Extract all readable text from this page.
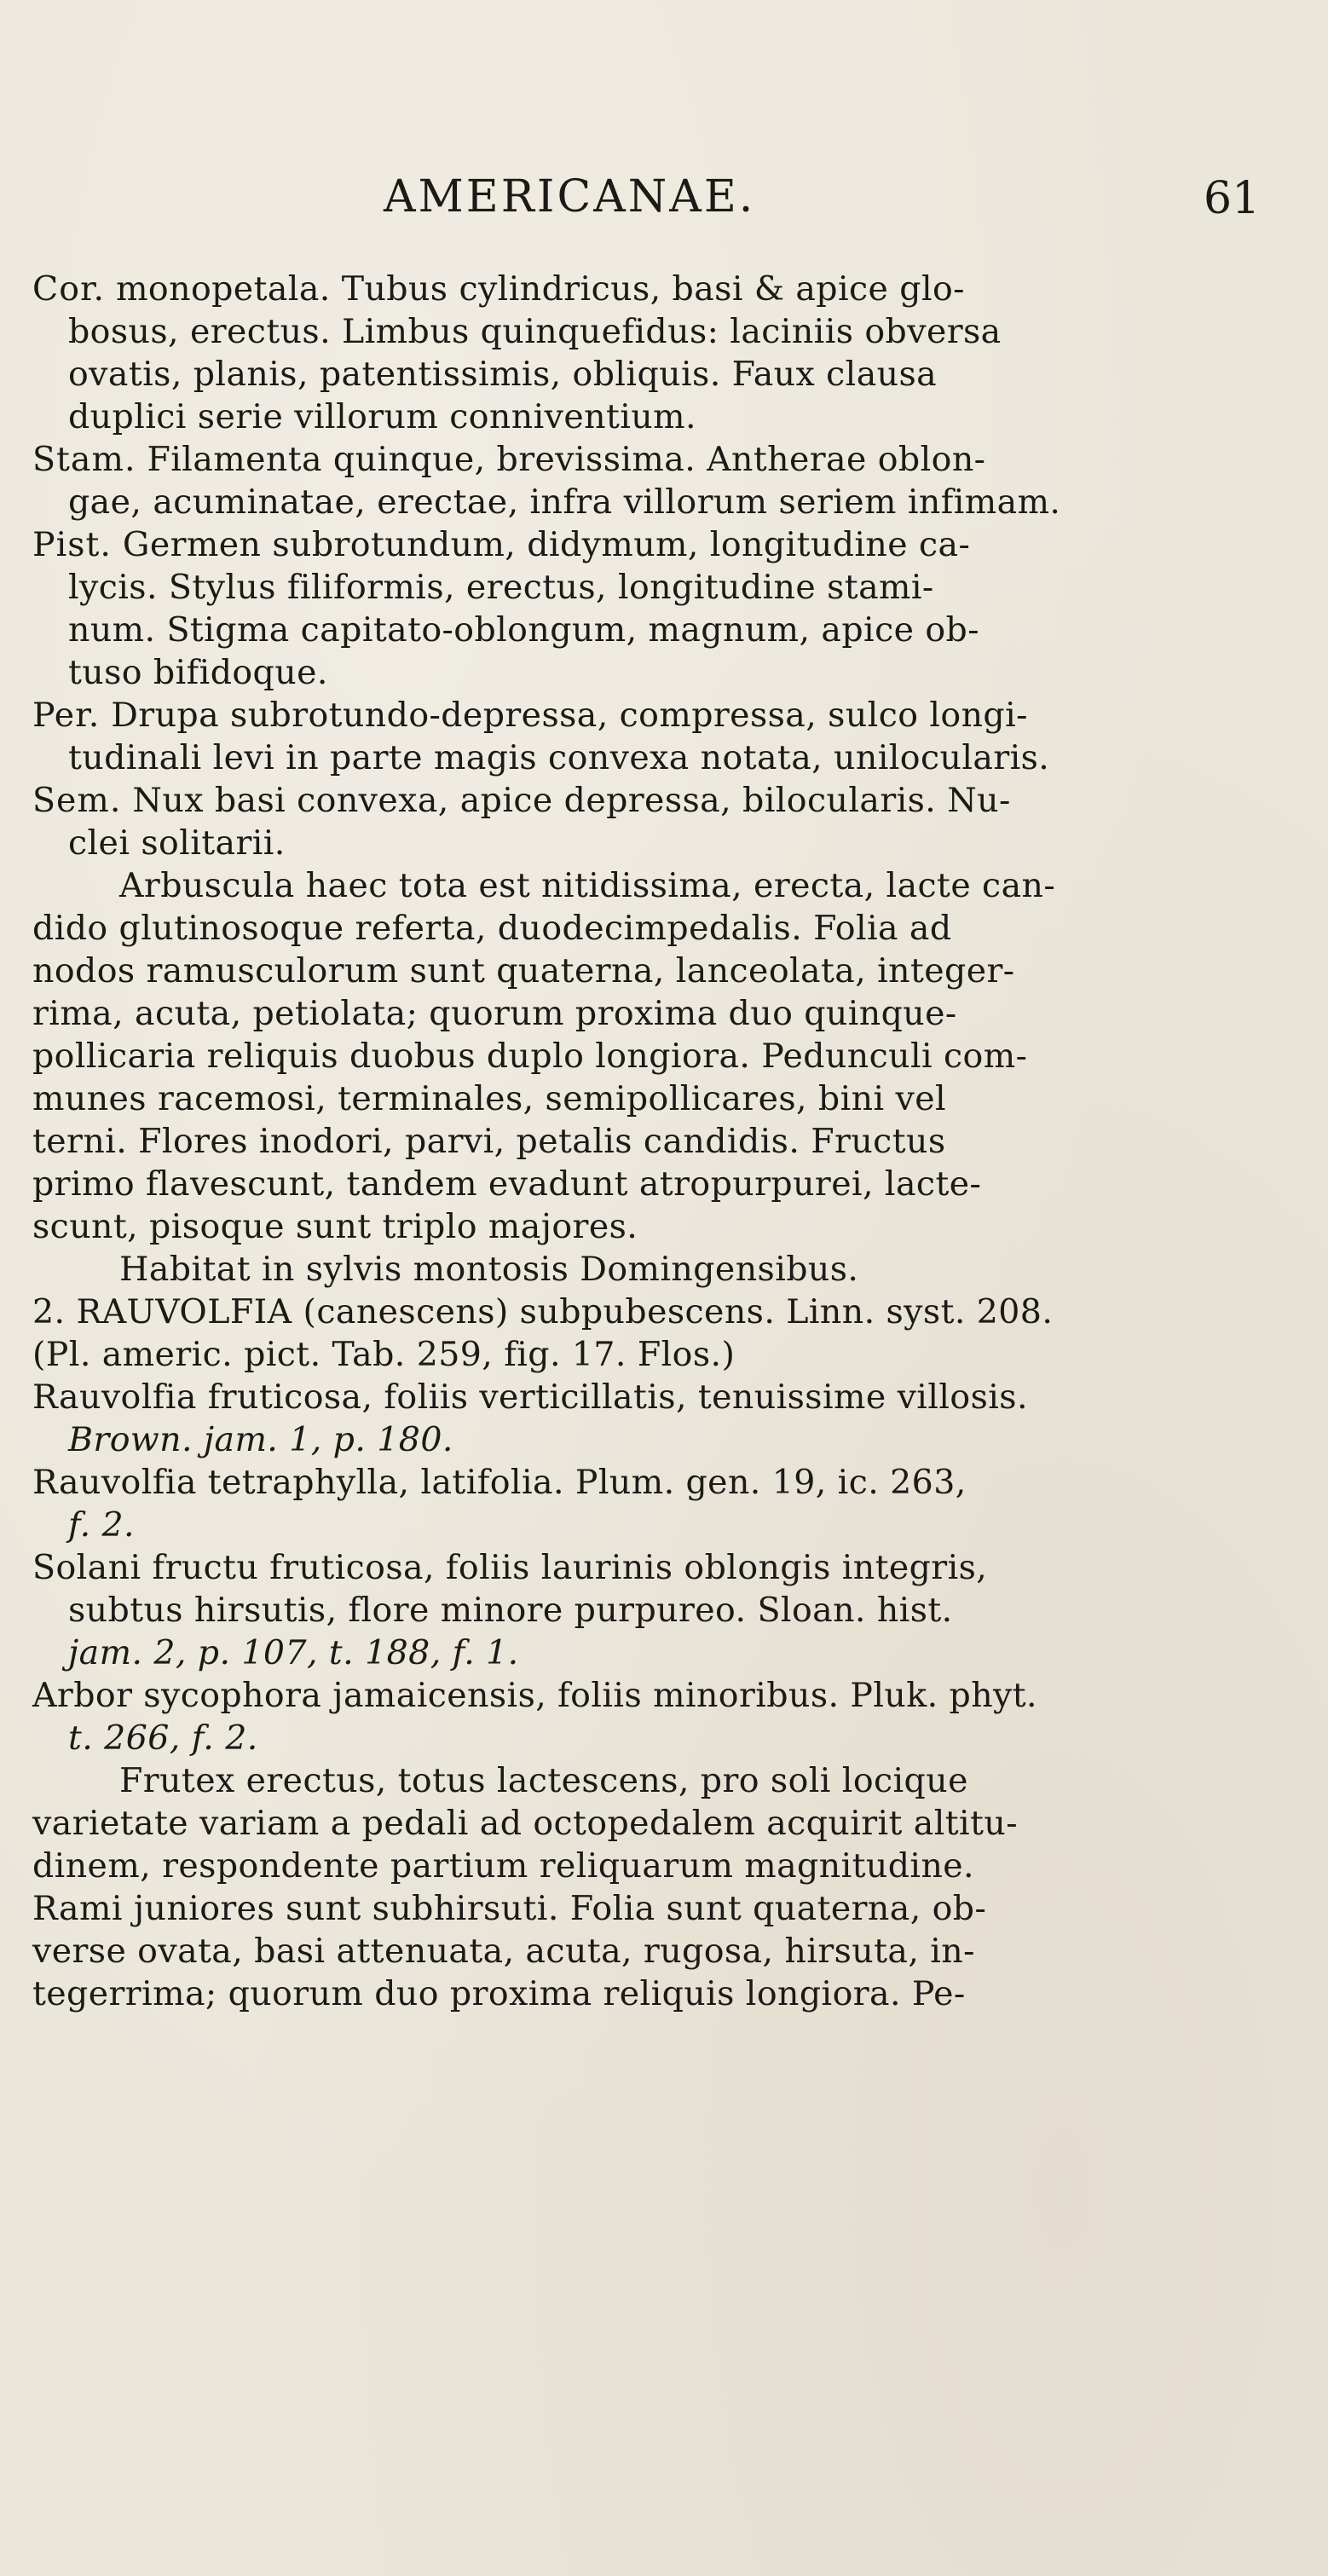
AMERICANAE.	61
Cor. monopetala. Tubus cylindricus, basi & apice glo-
bosus, erectus. Limbus quinquefidus: laciniis obversa
ovatis, planis, patentissimis, obliquis. Faux clausa
duplici serie villorum conniventium.
Stam. Filamenta quinque, brevissima. Antherae oblon-
gae, acuminatae, erectae, infra villorum seriem infimam.
Pist. Germen subrotundum, didymum, longitudine ca-
lycis. Stylus filiformis, erectus, longitudine stami-
num. Stigma capitato-oblongum, magnum, apice ob-
tuso bifidoque.
Per. Drupa subrotundo-depressa, compressa, sulco longi-
tudinali levi in parte magis convexa notata, unilocularis.
Sem. Nux basi convexa, apice depressa, bilocularis. Nu-
clei solitarii.
Arbuscula haec tota est nitidissima, erecta, lacte can-
dido glutinosoque referta, duodecimpedalis. Folia ad
nodos ramusculorum sunt quaterna, lanceolata, integer-
rima, acuta, petiolata; quorum proxima duo quinque-
pollicaria reliquis duobus duplo longiora. Pedunculi com-
munes racemosi, terminales, semipollicares, bini vel
terni. Flores inodori, parvi, petalis candidis. Fructus
primo flavescunt, tandem evadunt atropurpurei, lacte-
scunt, pisoque sunt triplo majores.
Habitat in sylvis montosis Domingensibus.
2. RAUVOLFIA (canescens) subpubescens. Linn. syst. 208.
(Pl. americ. pict. Tab. 259, fig. 17. Flos.)
Rauvolfia fruticosa, foliis verticillatis, tenuissime villosis.
Brown. jam. 1, p. 180.
Rauvolfia tetraphylla, latifolia. Plum. gen. 19, ic. 263,
f. 2.
Solani fructu fruticosa, foliis laurinis oblongis integris,
subtus hirsutis, flore minore purpureo. Sloan. hist.
jam. 2, p. 107, t. 188, f. 1.
Arbor sycophora jamaicensis, foliis minoribus. Pluk. phyt.
t. 266, f. 2.
Frutex erectus, totus lactescens, pro soli locique
varietate variam a pedali ad octopedalem acquirit altitu-
dinem, respondente partium reliquarum magnitudine.
Rami juniores sunt subhirsuti. Folia sunt quaterna, ob-
verse ovata, basi attenuata, acuta, rugosa, hirsuta, in-
tegerrima; quorum duo proxima reliquis longiora. Pe-
